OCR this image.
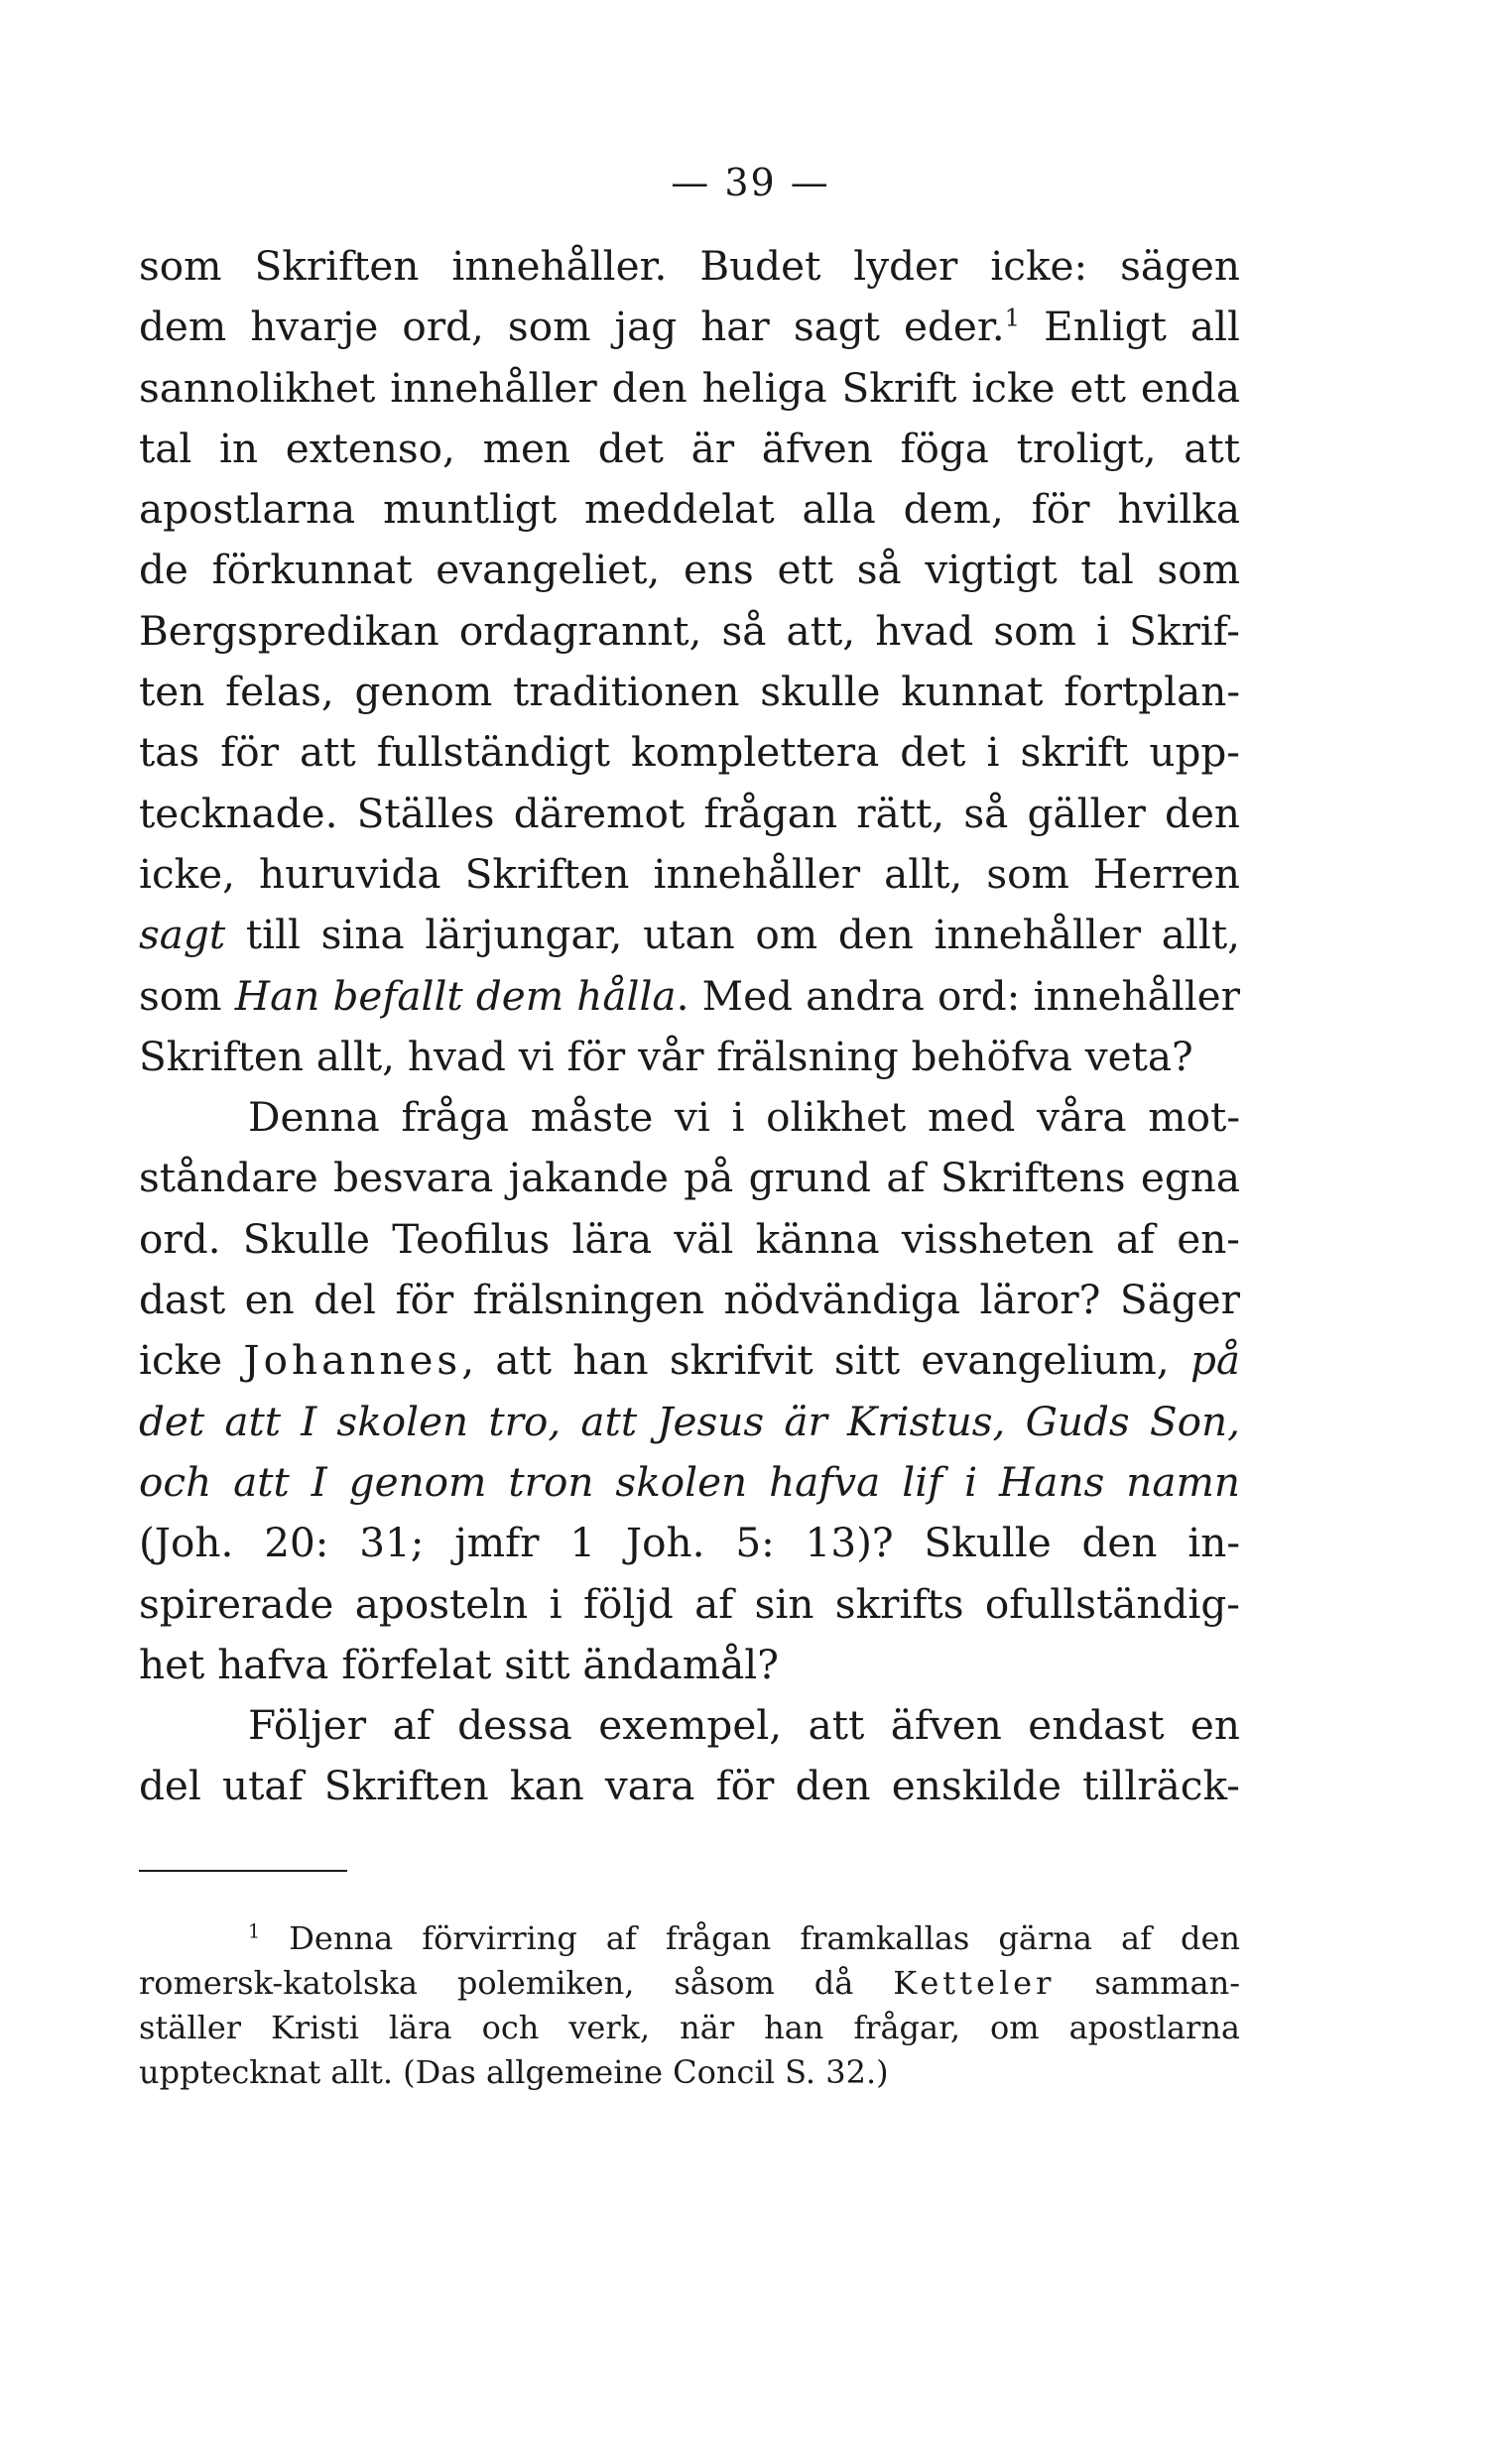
— 39 —
som Skriften innehåller. Budet lyder icke: sägen
dem hvarje ord, som jag har sagt eder.$^1$ Enligt all
sannolikhet innehåller den heliga Skrift icke ett enda
tal in extenso, men det är äfven föga troligt, att
apostlarna muntligt meddelat alla dem, för hvilka
de förkunnat evangeliet, ens ett så vigtigt tal som
Bergspredikan ordagrannt, så att, hvad som i Skrif-
ten felas, genom traditionen skulle kunnat fortplan-
tas för att fullständigt komplettera det i skrift upp-
tecknade. Ställes däremot frågan rätt, så gäller den
icke, huruvida Skriften innehåller allt, som Herren
sagt till sina lärjungar, utan om den innehåller allt,
som Han befallt dem hålla. Med andra ord: innehåller
Skriften allt, hvad vi för vår frälsning behöfva veta?
Denna fråga måste vi i olikhet med våra mot-
ståndare besvara jakande på grund af Skriftens egna
ord. Skulle Teofilus lära väl känna vissheten af en-
dast en del för frälsningen nödvändiga läror? Säger
icke Johannes, att han skrifvit sitt evangelium, på
det att I skolen tro, att Jesus är Kristus, Guds Son,
och att I genom tron skolen hafva lif i Hans namn
(Joh. 20: 31; jmfr 1 Joh. 5: 13)? Skulle den in-
spirerade aposteln i följd af sin skrifts ofullständig-
het hafva förfelat sitt ändamål?
Följer af dessa exempel, att äfven endast en
del utaf Skriften kan vara för den enskilde tillräck-
$^1$ Denna förvirring af frågan framkallas gärna af den
romersk-katolska polemiken, såsom då Ketteler samman-
ställer Kristi lära och verk, när han frågar, om apostlarna
upptecknat allt. (Das allgemeine Concil S. 32.)
